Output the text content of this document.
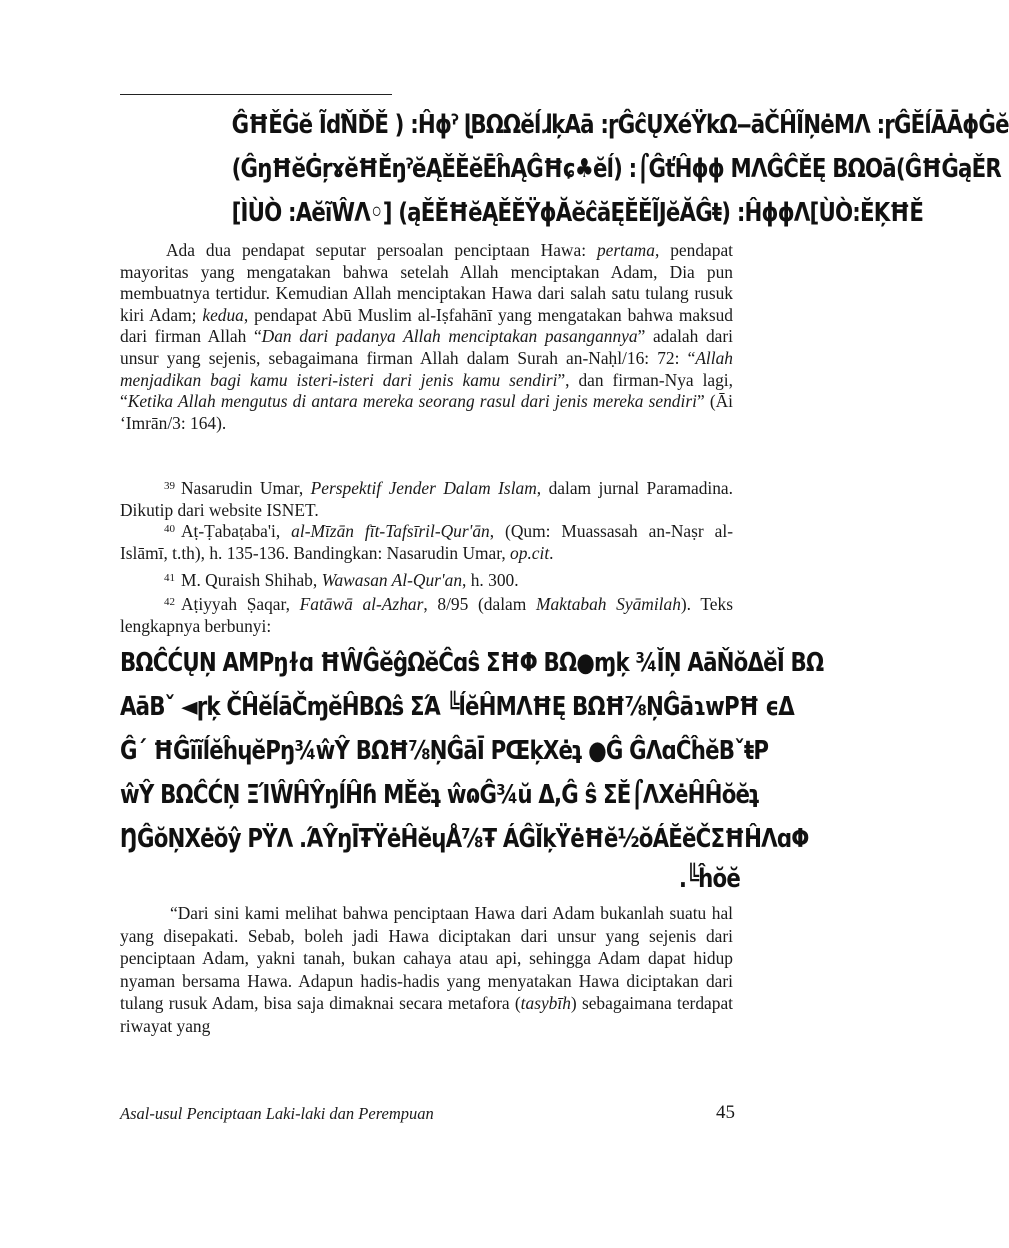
ĜĦĚĠĕ ĨďŇĎĚ ) :Ĥɸˀ ɭBΩΩĕĺɺķAā :ɼĜĉŲXéŸkΩ‒āČĤĨŅėMΛ :ɼĜĔĺĀĀɸĠĕ
(ĜŋĦĕĠŗɤĕĦĚŋˀĕĄĚĔĕĒĥĄĜĦɕ♣ĕĺ) :⌠ĜťĤɸɸ MΛĜĈĚĘ BΩΟā(ĜĦĠąĚR
[ÌÙÒ :AĕĩŴΛ◦] (ąĚĔĦĕĄĚĔŸɸĂĕĉăĘĔĔĨЈĕĂĜŧ) :ĤɸɸΛ[ÙÒ:ĔĶĦĚ

Ada dua pendapat seputar persoalan penciptaan Hawa: pertama, pendapat mayoritas yang mengatakan bahwa setelah Allah menciptakan Adam, Dia pun membuatnya tertidur. Kemudian Allah menciptakan Hawa dari salah satu tulang rusuk kiri Adam; kedua, pendapat Abū Muslim al-Iṣfahānī yang mengatakan bahwa maksud dari firman Allah “Dan dari padanya Allah menciptakan pasangannya” adalah dari unsur yang sejenis, sebagaimana firman Allah dalam Surah an-Naḥl/16: 72: “Allah menjadikan bagi kamu isteri-isteri dari jenis kamu sendiri”, dan firman-Nya lagi, “Ketika Allah mengutus di antara mereka seorang rasul dari jenis mereka sendiri” (Āi ‘Imrān/3: 164).

$^{39}$ Nasarudin Umar, Perspektif Jender Dalam Islam, dalam jurnal Paramadina. Dikutip dari website ISNET.

$^{40}$ Aṭ-Ṭabaṭaba'i, al-Mīzān fīt-Tafsīril-Qur'ān, (Qum: Muassasah an-Naṣr al-Islāmī, t.th), h. 135-136. Bandingkan: Nasarudin Umar, op.cit.

$^{41}$ M. Quraish Shihab, Wawasan Al-Qur'an, h. 300.

$^{42}$ Aṭiyyah Ṣaqar, Fatāwā al-Azhar, 8/95 (dalam Maktabah Syāmilah). Teks lengkapnya berbunyi:

BΩĈĆŲŅ AΜPŋɫɑ ĦŴĜĕĝΩĕĈɑŝ ΣĦΦ BΩ●ɱķ ¾ĬŅ AāŇŏΔĕĬ BΩ
AāBˇ ◄ɼķ ČĤĕĺāČɱĕĤBΩŝ ΣΆ ╚ĺĕĤMΛĦĘ BΩĦ⅞ŅĜāɿwPĦ ϵΔ
Ĝˊ ĦĜĩĩĺĕĥɥĕPŋ¾ŵŶ BΩĦ⅞ŅĜāĪ PŒķXėʇ ●Ĝ ĜΛɑĈĥĕBˇŧP
ŵŶ BΩĈĆŅ ΞΊŴĤŶŋĺĤɦ MĚĕʇ ŵɷĜ¾ŭ Δ,Ĝ ŝ ΣĔ⌠ΛXėĤĤŏĕʇ
ŊĜŏŅXėŏŷ PŸΛ .ΆŶŋĪŦŸėĤĕɥÅ⅞Ŧ ÁĜĬķŸėĦĕ½ŏÁĔĕČΣĦĤΛɑΦ
.╚ĥŏĕ

“Dari sini kami melihat bahwa penciptaan Hawa dari Adam bukanlah suatu hal yang disepakati. Sebab, boleh jadi Hawa diciptakan dari unsur yang sejenis dari penciptaan Adam, yakni tanah, bukan cahaya atau api, sehingga Adam dapat hidup nyaman bersama Hawa. Adapun hadis-hadis yang menyatakan Hawa diciptakan dari tulang rusuk Adam, bisa saja dimaknai secara metafora (tasybīh) sebagaimana terdapat riwayat yang

Asal-usul Penciptaan Laki-laki dan Perempuan	45
